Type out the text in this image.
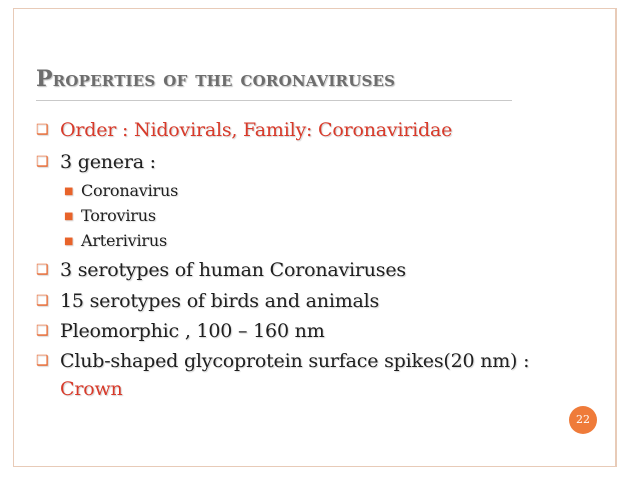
Properties of the coronaviruses
❑ Order : Nidovirals, Family: Coronaviridae
❑ 3 genera :
■ Coronavirus
■ Torovirus
■ Arterivirus
❑ 3 serotypes of human Coronaviruses
❑ 15 serotypes of birds and animals
❑ Pleomorphic , 100 – 160 nm
❑ Club-shaped glycoprotein surface spikes(20 nm) :
Crown
22
